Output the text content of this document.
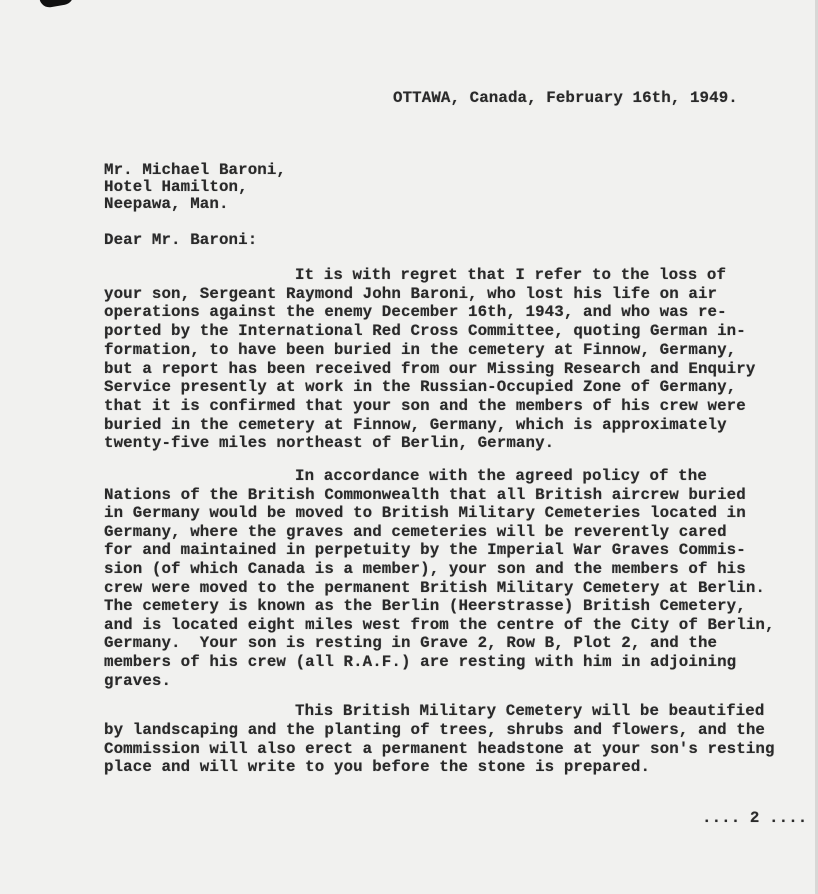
OTTAWA, Canada, February 16th, 1949.
Mr. Michael Baroni,
Hotel Hamilton,
Neepawa, Man.
Dear Mr. Baroni:
It is with regret that I refer to the loss of
your son, Sergeant Raymond John Baroni, who lost his life on air
operations against the enemy December 16th, 1943, and who was re-
ported by the International Red Cross Committee, quoting German in-
formation, to have been buried in the cemetery at Finnow, Germany,
but a report has been received from our Missing Research and Enquiry
Service presently at work in the Russian-Occupied Zone of Germany,
that it is confirmed that your son and the members of his crew were
buried in the cemetery at Finnow, Germany, which is approximately
twenty-five miles northeast of Berlin, Germany.
In accordance with the agreed policy of the
Nations of the British Commonwealth that all British aircrew buried
in Germany would be moved to British Military Cemeteries located in
Germany, where the graves and cemeteries will be reverently cared
for and maintained in perpetuity by the Imperial War Graves Commis-
sion (of which Canada is a member), your son and the members of his
crew were moved to the permanent British Military Cemetery at Berlin.
The cemetery is known as the Berlin (Heerstrasse) British Cemetery,
and is located eight miles west from the centre of the City of Berlin,
Germany.  Your son is resting in Grave 2, Row B, Plot 2, and the
members of his crew (all R.A.F.) are resting with him in adjoining
graves.
This British Military Cemetery will be beautified
by landscaping and the planting of trees, shrubs and flowers, and the
Commission will also erect a permanent headstone at your son's resting
place and will write to you before the stone is prepared.
.... 2 ....
